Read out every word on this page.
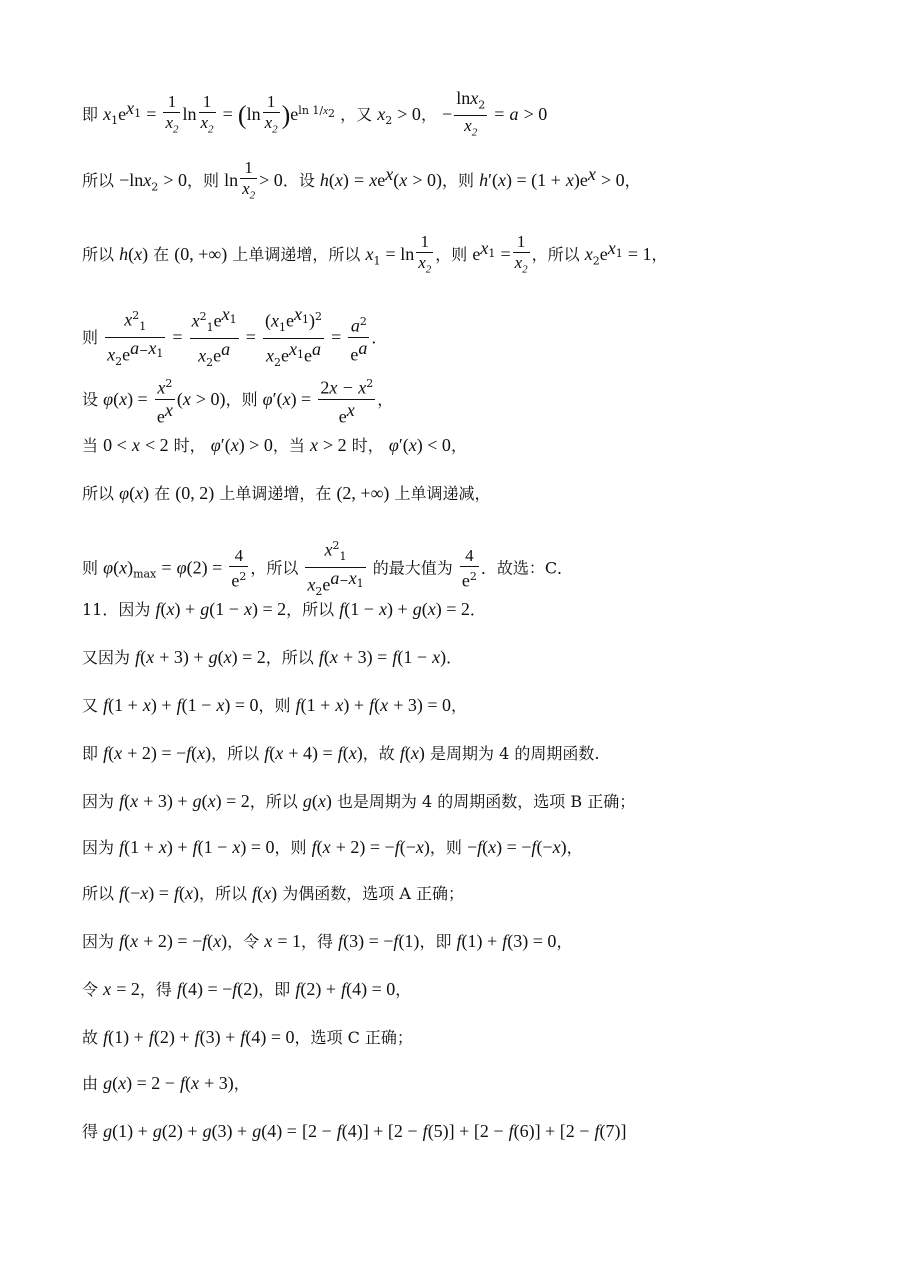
即 $x_1e^{x_1} = \frac{1}{x_2}$ $\ln \frac{1}{x_2} = (\ln \frac{1}{x_2} )e^{ln 1/x_2}$ ，又 $x_2 > 0$， − $\frac{\ln x_2}{x_2} = a > 0$
所以 −lnx$_2$ > 0，则 $\ln \frac{1}{x_2} > 0$．设 $h(x) = xe^x(x > 0)$，则 $h'(x) = (1 + x)e^x > 0$，
所以 h(x) 在 (0, +∞) 上单调递增，所以 $x_1 = \ln \frac{1}{x_2}$ ，则 $e^{x_1} = \frac{1}{x_2}$ ，所以 $x_2e^{x_1} = 1$，
则 $\frac{x^2_1}{x_2e^{a-x_1}} = \frac{x^2_1e^{x_1}}{x_2e^a} = \frac{(x_1e^{x_1})^2}{x_2e^{x_1}e^a} = \frac{a^2}{e^a}$ ．
设 $\varphi(x) = \frac{x^2}{e^x} (x > 0)$，则 $\varphi'(x) = \frac{2x - x^2}{e^x}$ ，
当 0 < x < 2 时， φ′(x) > 0，当 x > 2 时， φ′(x) < 0，
所以 φ(x) 在 (0, 2) 上单调递增，在 (2, +∞) 上单调递减，
则 $\varphi(x)_{max} = \varphi(2) = \frac{4}{e^2}$ ，所以 $\frac{x^2_1}{x_2e^{a-x_1}}$ 的最大值为 $\frac{4}{e^2}$ ．故选：C．
11．因为 f(x) + g(1 − x) = 2，所以 f(1 − x) + g(x) = 2．
又因为 f(x + 3) + g(x) = 2，所以 f(x + 3) = f(1 − x)．
又 f(1 + x) + f(1 − x) = 0，则 f(1 + x) + f(x + 3) = 0，
即 f(x + 2) = −f(x)，所以 f(x + 4) = f(x)，故 f(x) 是周期为 4 的周期函数.
因为 f(x + 3) + g(x) = 2，所以 g(x) 也是周期为 4 的周期函数，选项 B 正确；
因为 f(1 + x) + f(1 − x) = 0，则 f(x + 2) = −f(−x)，则 −f(x) = −f(−x)，
所以 f(−x) = f(x)，所以 f(x) 为偶函数，选项 A 正确；
因为 f(x + 2) = −f(x)，令 x = 1，得 f(3) = −f(1)，即 f(1) + f(3) = 0，
令 x = 2，得 f(4) = −f(2)，即 f(2) + f(4) = 0，
故 f(1) + f(2) + f(3) + f(4) = 0，选项 C 正确；
由 g(x) = 2 − f(x + 3)，
得 g(1) + g(2) + g(3) + g(4) = [2 − f(4)] + [2 − f(5)] + [2 − f(6)] + [2 − f(7)]
